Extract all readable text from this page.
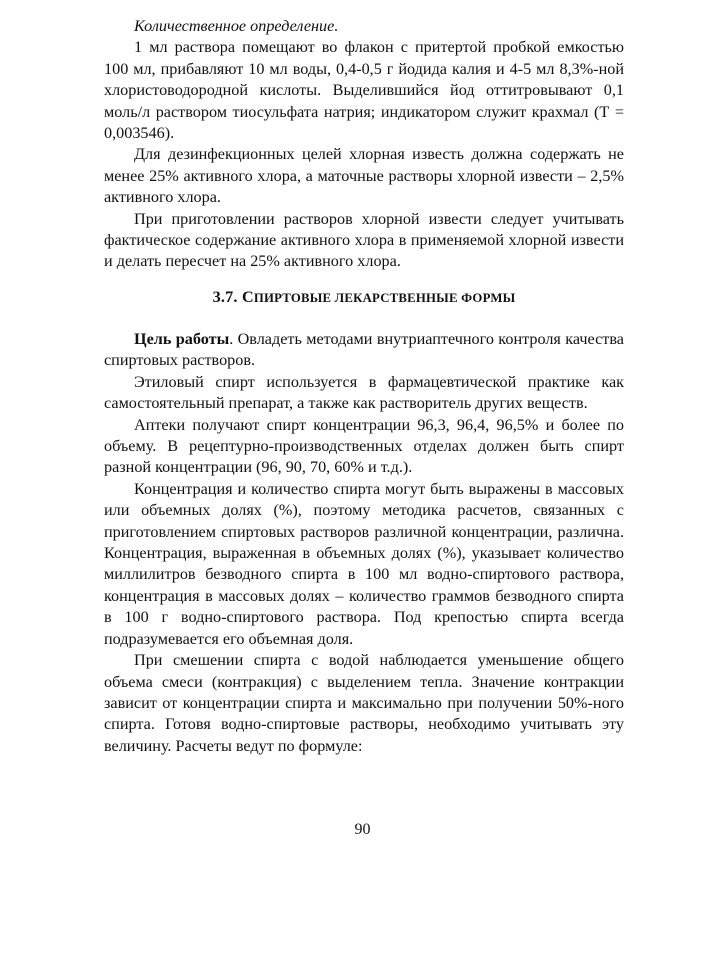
Количественное определение.

1 мл раствора помещают во флакон с притертой пробкой емкостью 100 мл, прибавляют 10 мл воды, 0,4-0,5 г йодида калия и 4-5 мл 8,3%-ной хлористоводородной кислоты. Выделившийся йод оттитровывают 0,1 моль/л раствором тиосульфата натрия; индикатором служит крахмал (Т = 0,003546).

Для дезинфекционных целей хлорная известь должна содержать не менее 25% активного хлора, а маточные растворы хлорной извести – 2,5% активного хлора.

При приготовлении растворов хлорной извести следует учитывать фактическое содержание активного хлора в применяемой хлорной извести и делать пересчет на 25% активного хлора.

3.7. СПИРТОВЫЕ ЛЕКАРСТВЕННЫЕ ФОРМЫ

Цель работы. Овладеть методами внутриаптечного контроля качества спиртовых растворов.

Этиловый спирт используется в фармацевтической практике как самостоятельный препарат, а также как растворитель других веществ.

Аптеки получают спирт концентрации 96,3, 96,4, 96,5% и более по объему. В рецептурно-производственных отделах должен быть спирт разной концентрации (96, 90, 70, 60% и т.д.).

Концентрация и количество спирта могут быть выражены в массовых или объемных долях (%), поэтому методика расчетов, связанных с приготовлением спиртовых растворов различной концентрации, различна. Концентрация, выраженная в объемных долях (%), указывает количество миллилитров безводного спирта в 100 мл водно-спиртового раствора, концентрация в массовых долях – количество граммов безводного спирта в 100 г водно-спиртового раствора. Под крепостью спирта всегда подразумевается его объемная доля.

При смешении спирта с водой наблюдается уменьшение общего объема смеси (контракция) с выделением тепла. Значение контракции зависит от концентрации спирта и максимально при получении 50%-ного спирта. Готовя водно-спиртовые растворы, необходимо учитывать эту величину. Расчеты ведут по формуле:

90
